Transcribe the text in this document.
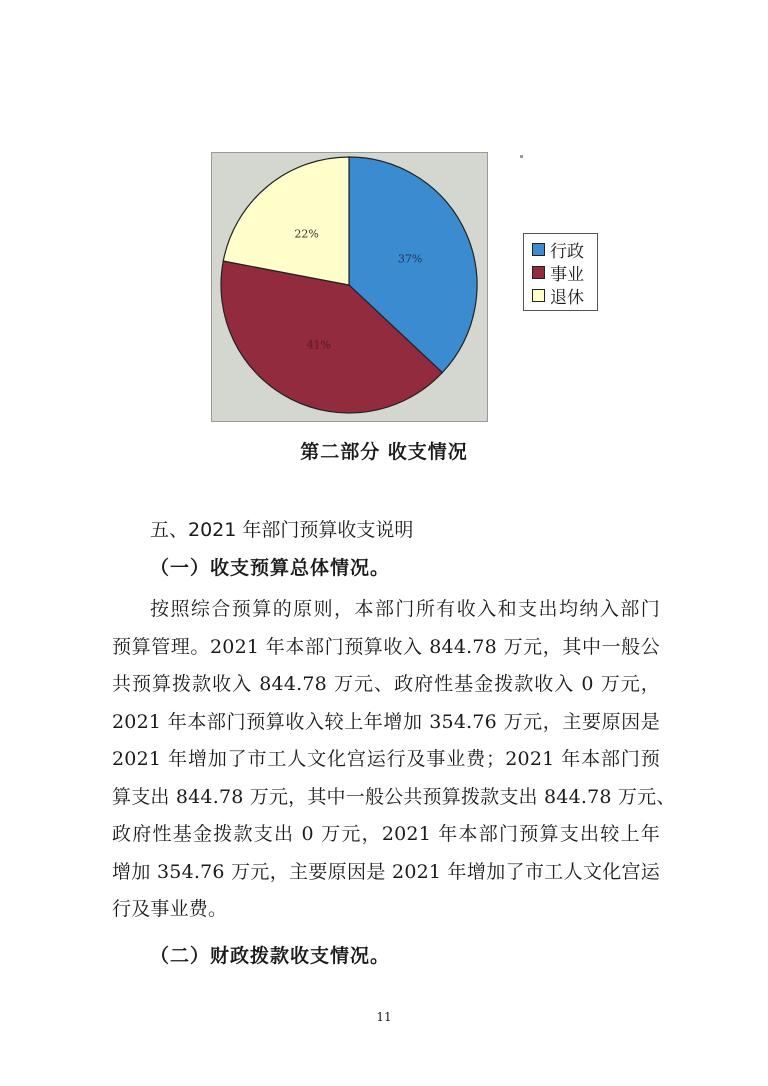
37%
41%
22%
行政
事业
退休
第二部分 收支情况
五、2021 年部门预算收支说明
（一）收支预算总体情况。
按照综合预算的原则，本部门所有收入和支出均纳入部门
预算管理。2021 年本部门预算收入 844.78 万元，其中一般公
共预算拨款收入 844.78 万元、政府性基金拨款收入 0 万元，
2021 年本部门预算收入较上年增加 354.76 万元，主要原因是
2021 年增加了市工人文化宫运行及事业费；2021 年本部门预
算支出 844.78 万元，其中一般公共预算拨款支出 844.78 万元、
政府性基金拨款支出 0 万元，2021 年本部门预算支出较上年
增加 354.76 万元，主要原因是 2021 年增加了市工人文化宫运
行及事业费。
（二）财政拨款收支情况。
11
